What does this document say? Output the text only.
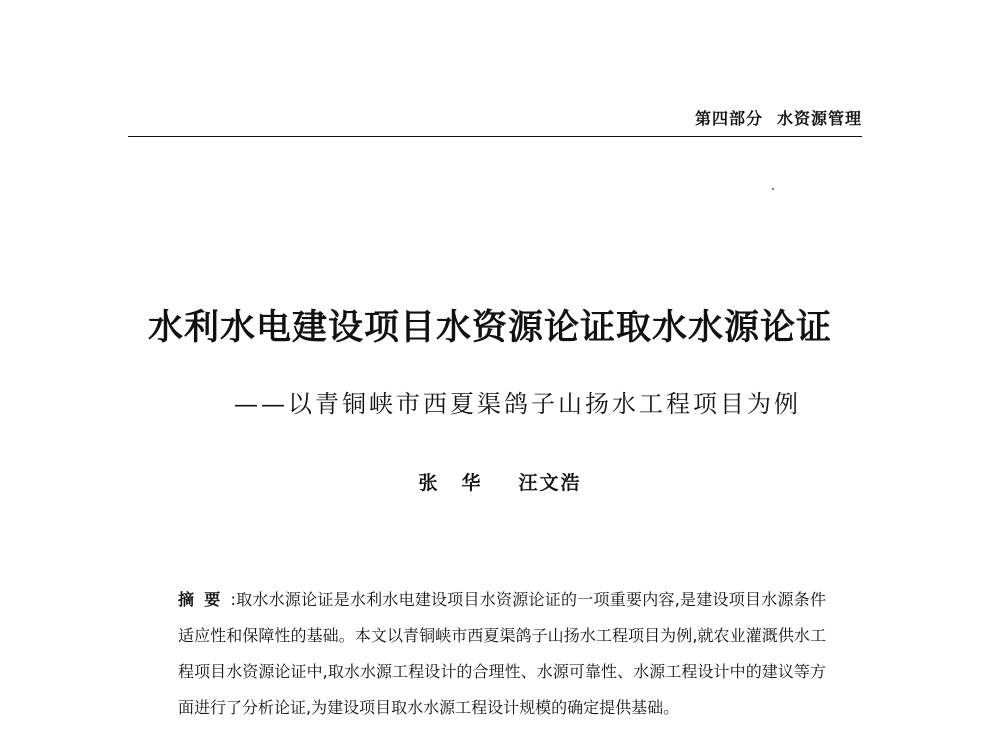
第四部分 水资源管理
水利水电建设项目水资源论证取水水源论证
——以青铜峡市西夏渠鸽子山扬水工程项目为例
张华 汪文浩

摘要:取水水源论证是水利水电建设项目水资源论证的一项重要内容,是建设项目水源条件适应性和保障性的基础。本文以青铜峡市西夏渠鸽子山扬水工程项目为例,就农业灌溉供水工程项目水资源论证中,取水水源工程设计的合理性、水源可靠性、水源工程设计中的建议等方面进行了分析论证,为建设项目取水水源工程设计规模的确定提供基础。
